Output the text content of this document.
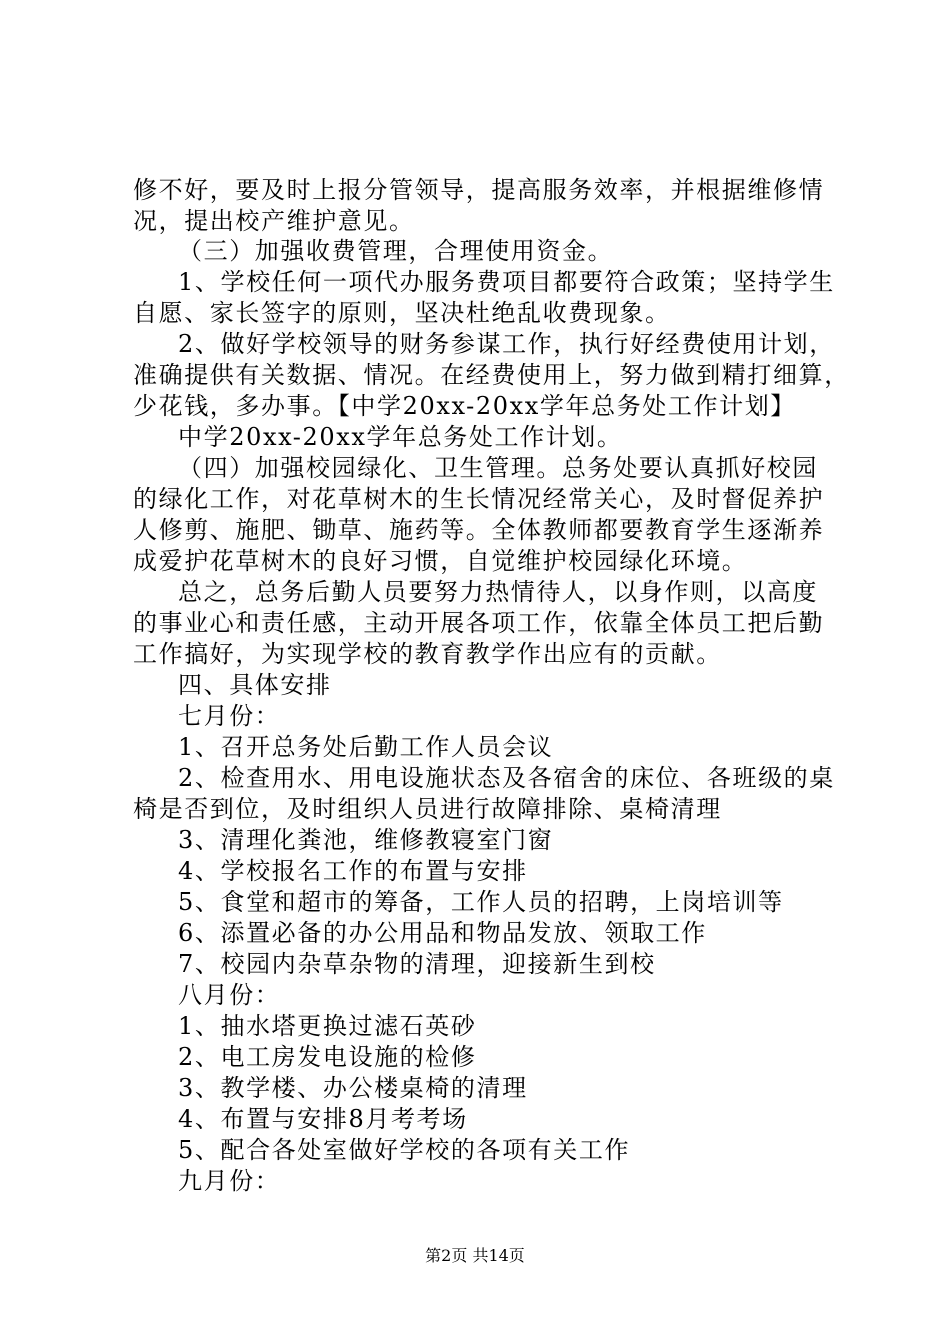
修不好，要及时上报分管领导，提高服务效率，并根据维修情
况，提出校产维护意见。
（三）加强收费管理，合理使用资金。
1、学校任何一项代办服务费项目都要符合政策；坚持学生
自愿、家长签字的原则，坚决杜绝乱收费现象。
2、做好学校领导的财务参谋工作，执行好经费使用计划，
准确提供有关数据、情况。在经费使用上，努力做到精打细算，
少花钱，多办事。【中学20xx-20xx学年总务处工作计划】
中学20xx-20xx学年总务处工作计划。
（四）加强校园绿化、卫生管理。总务处要认真抓好校园
的绿化工作，对花草树木的生长情况经常关心，及时督促养护
人修剪、施肥、锄草、施药等。全体教师都要教育学生逐渐养
成爱护花草树木的良好习惯，自觉维护校园绿化环境。
总之，总务后勤人员要努力热情待人，以身作则，以高度
的事业心和责任感，主动开展各项工作，依靠全体员工把后勤
工作搞好，为实现学校的教育教学作出应有的贡献。
四、具体安排
七月份：
1、召开总务处后勤工作人员会议
2、检查用水、用电设施状态及各宿舍的床位、各班级的桌
椅是否到位，及时组织人员进行故障排除、桌椅清理
3、清理化粪池，维修教寝室门窗
4、学校报名工作的布置与安排
5、食堂和超市的筹备，工作人员的招聘，上岗培训等
6、添置必备的办公用品和物品发放、领取工作
7、校园内杂草杂物的清理，迎接新生到校
八月份：
1、抽水塔更换过滤石英砂
2、电工房发电设施的检修
3、教学楼、办公楼桌椅的清理
4、布置与安排8月考考场
5、配合各处室做好学校的各项有关工作
九月份：
第2页 共14页
